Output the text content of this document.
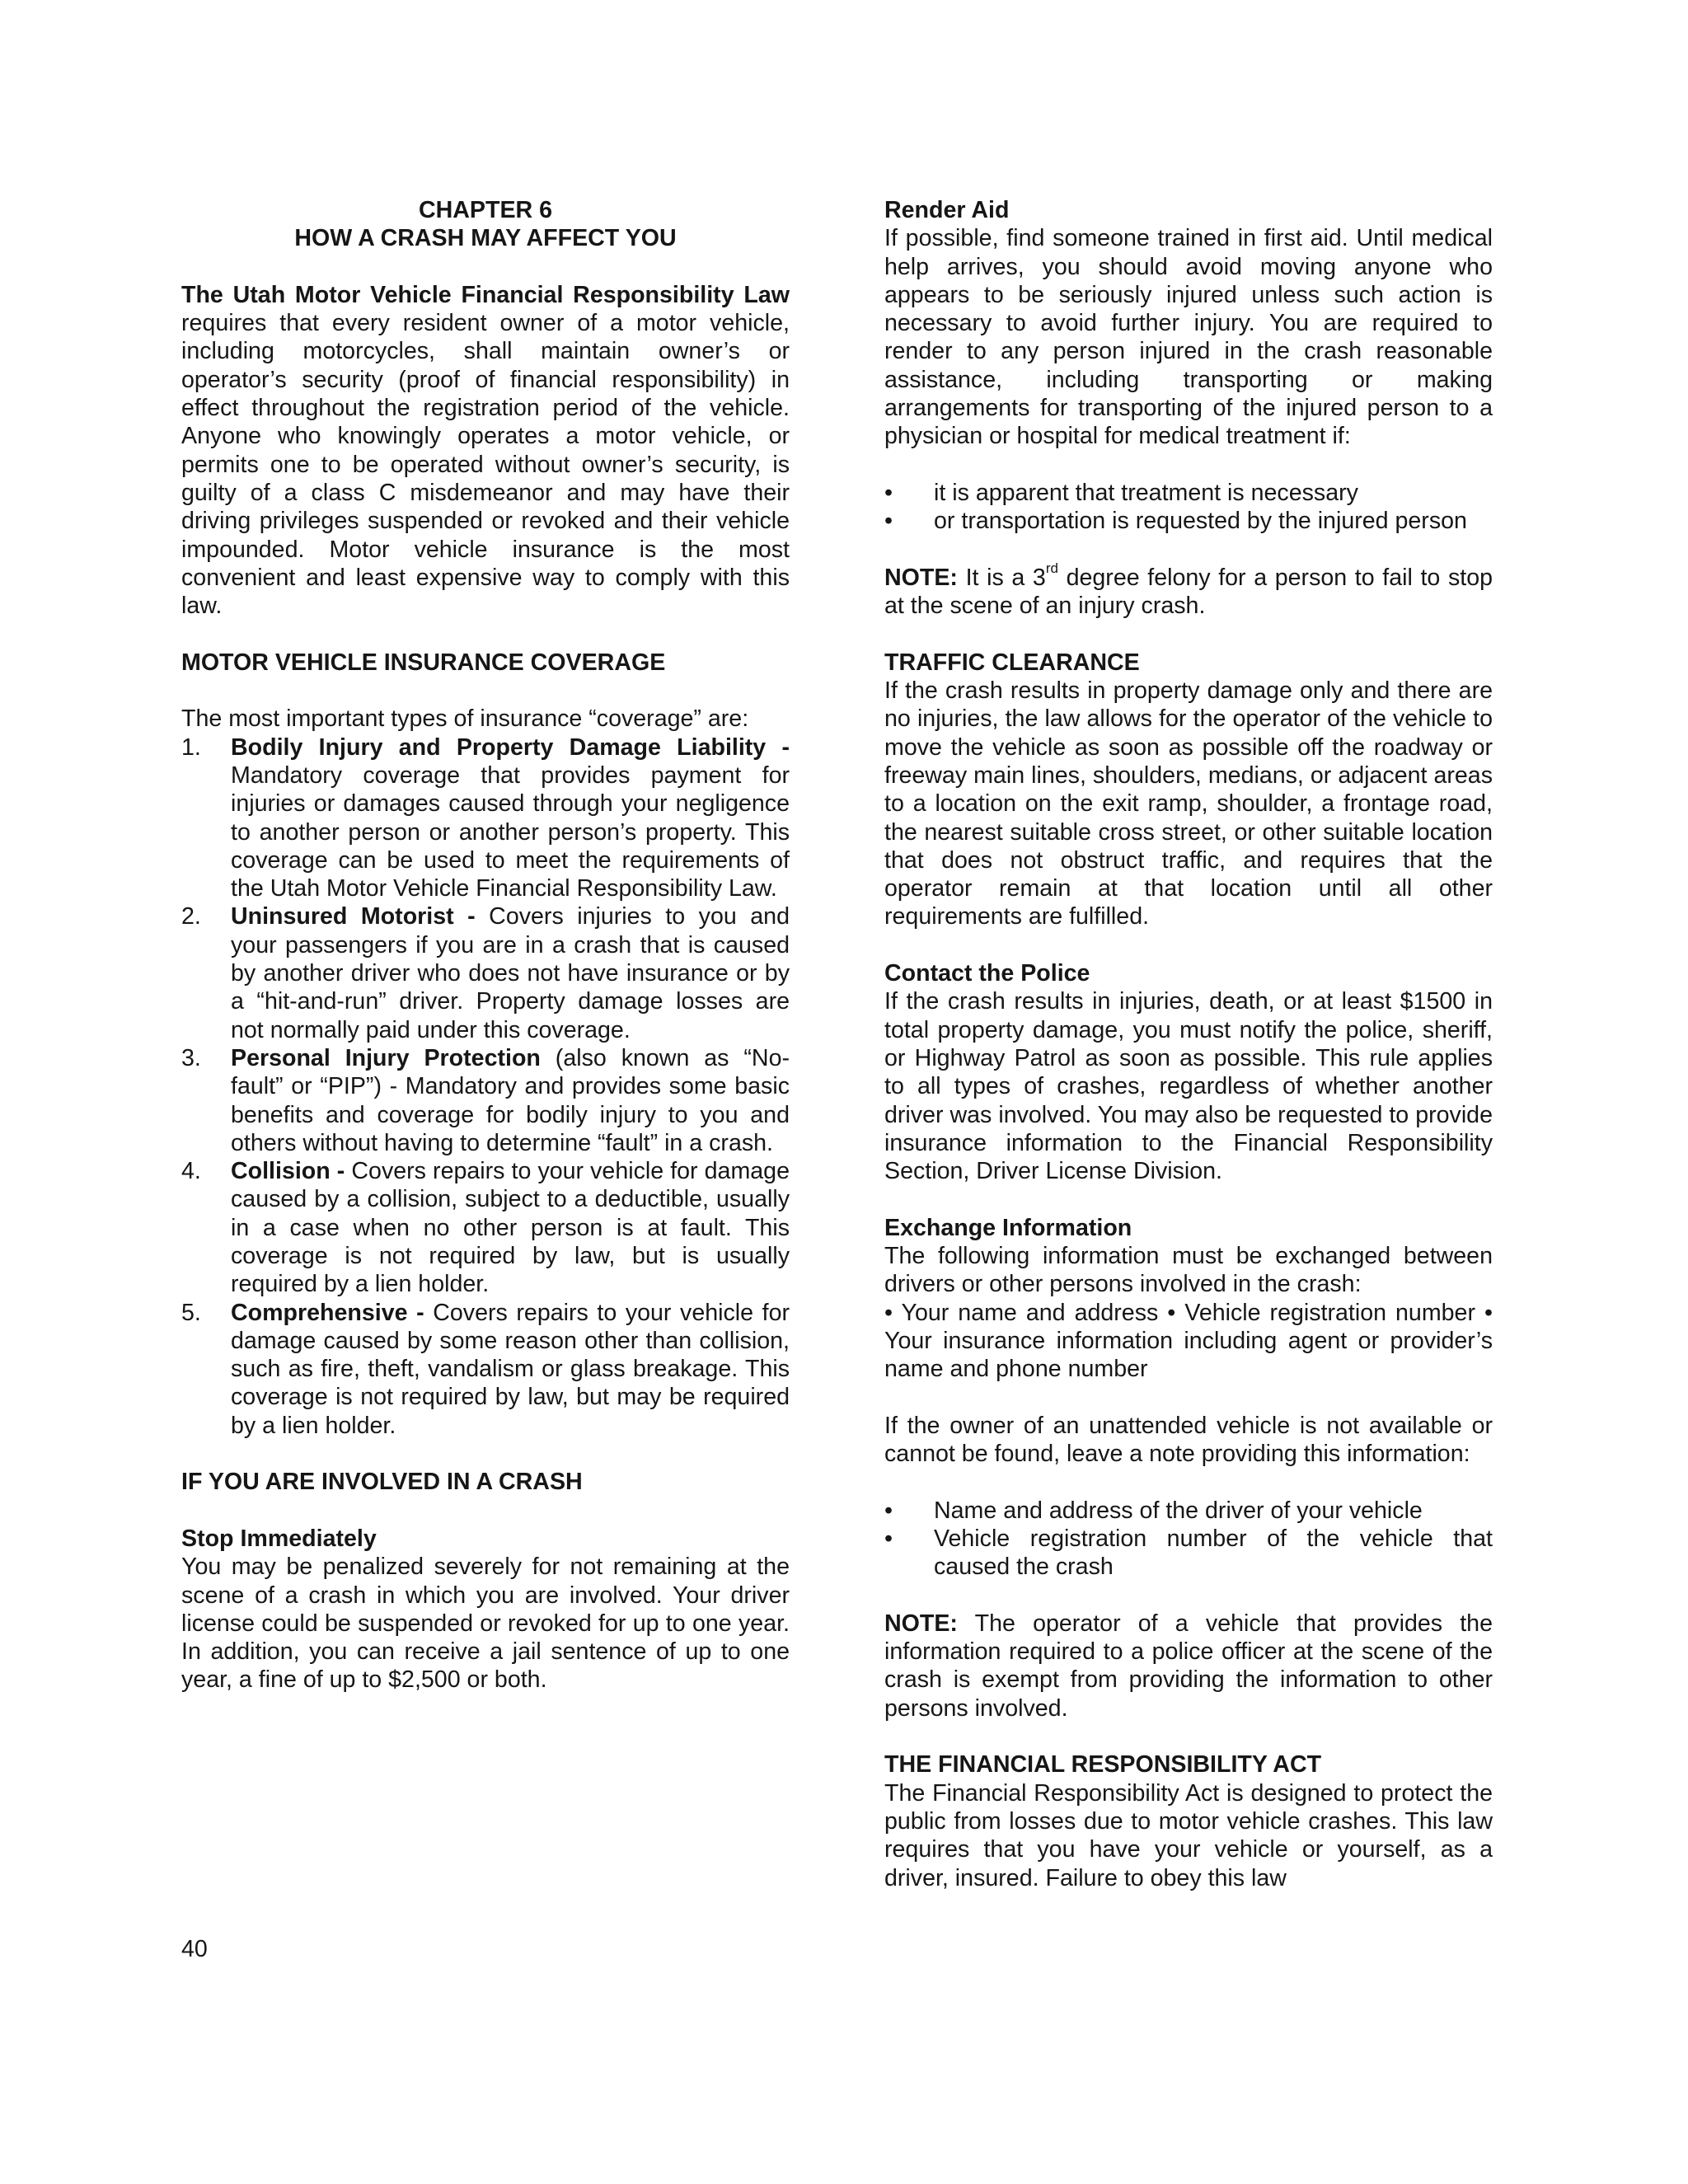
CHAPTER 6

HOW A CRASH MAY AFFECT YOU

The Utah Motor Vehicle Financial Responsibility Law requires that every resident owner of a motor vehicle, including motorcycles, shall maintain owner’s or operator’s security (proof of financial responsibility) in effect throughout the registration period of the vehicle. Anyone who knowingly operates a motor vehicle, or permits one to be operated without owner’s security, is guilty of a class C misdemeanor and may have their driving privileges suspended or revoked and their vehicle impounded. Motor vehicle insurance is the most convenient and least expensive way to comply with this law.

MOTOR VEHICLE INSURANCE COVERAGE

The most important types of insurance “coverage” are:

1. Bodily Injury and Property Damage Liability - Mandatory coverage that provides payment for injuries or damages caused through your negligence to another person or another person’s property. This coverage can be used to meet the requirements of the Utah Motor Vehicle Financial Responsibility Law.
2. Uninsured Motorist - Covers injuries to you and your passengers if you are in a crash that is caused by another driver who does not have insurance or by a “hit-and-run” driver. Property damage losses are not normally paid under this coverage.
3. Personal Injury Protection (also known as “No-fault” or “PIP”) - Mandatory and provides some basic benefits and coverage for bodily injury to you and others without having to determine “fault” in a crash.
4. Collision - Covers repairs to your vehicle for damage caused by a collision, subject to a deductible, usually in a case when no other person is at fault. This coverage is not required by law, but is usually required by a lien holder.
5. Comprehensive - Covers repairs to your vehicle for damage caused by some reason other than collision, such as fire, theft, vandalism or glass breakage. This coverage is not required by law, but may be required by a lien holder.

IF YOU ARE INVOLVED IN A CRASH

Stop Immediately

You may be penalized severely for not remaining at the scene of a crash in which you are involved. Your driver license could be suspended or revoked for up to one year. In addition, you can receive a jail sentence of up to one year, a fine of up to $2,500 or both.

Render Aid

If possible, find someone trained in first aid. Until medical help arrives, you should avoid moving anyone who appears to be seriously injured unless such action is necessary to avoid further injury. You are required to render to any person injured in the crash reasonable assistance, including transporting or making arrangements for transporting of the injured person to a physician or hospital for medical treatment if:

• it is apparent that treatment is necessary
• or transportation is requested by the injured person

NOTE: It is a 3rd degree felony for a person to fail to stop at the scene of an injury crash.

TRAFFIC CLEARANCE

If the crash results in property damage only and there are no injuries, the law allows for the operator of the vehicle to move the vehicle as soon as possible off the roadway or freeway main lines, shoulders, medians, or adjacent areas to a location on the exit ramp, shoulder, a frontage road, the nearest suitable cross street, or other suitable location that does not obstruct traffic, and requires that the operator remain at that location until all other requirements are fulfilled.

Contact the Police

If the crash results in injuries, death, or at least $1500 in total property damage, you must notify the police, sheriff, or Highway Patrol as soon as possible. This rule applies to all types of crashes, regardless of whether another driver was involved. You may also be requested to provide insurance information to the Financial Responsibility Section, Driver License Division.

Exchange Information

The following information must be exchanged between drivers or other persons involved in the crash:

• Your name and address • Vehicle registration number • Your insurance information including agent or provider’s name and phone number

If the owner of an unattended vehicle is not available or cannot be found, leave a note providing this information:

• Name and address of the driver of your vehicle
• Vehicle registration number of the vehicle that caused the crash

NOTE: The operator of a vehicle that provides the information required to a police officer at the scene of the crash is exempt from providing the information to other persons involved.

THE FINANCIAL RESPONSIBILITY ACT

The Financial Responsibility Act is designed to protect the public from losses due to motor vehicle crashes. This law requires that you have your vehicle or yourself, as a driver, insured. Failure to obey this law

40
